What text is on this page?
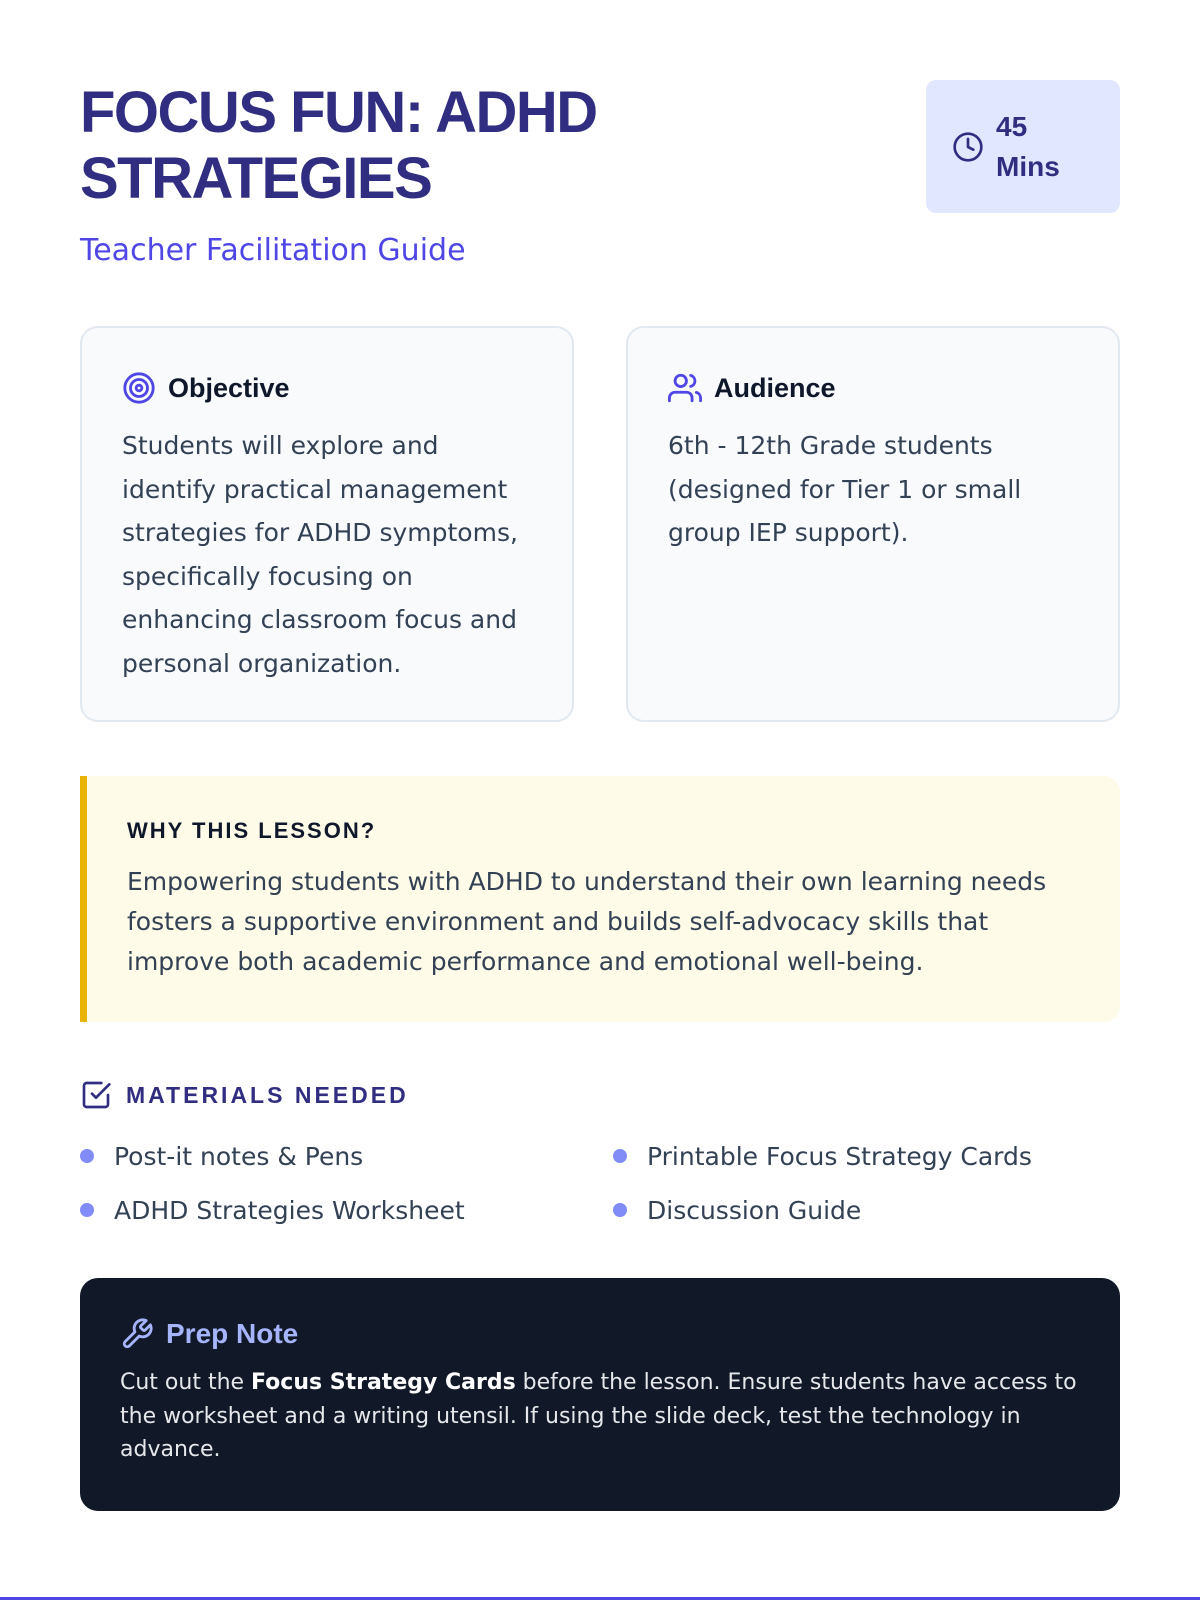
FOCUS FUN: ADHD STRATEGIES
Teacher Facilitation Guide
45 Mins
Objective

Students will explore and identify practical management strategies for ADHD symptoms, specifically focusing on enhancing classroom focus and personal organization.

Audience

6th - 12th Grade students (designed for Tier 1 or small group IEP support).

WHY THIS LESSON?

Empowering students with ADHD to understand their own learning needs fosters a supportive environment and builds self-advocacy skills that improve both academic performance and emotional well-being.

MATERIALS NEEDED
Post-it notes & Pens	Printable Focus Strategy Cards
ADHD Strategies Worksheet	Discussion Guide
Prep Note

Cut out the Focus Strategy Cards before the lesson. Ensure students have access to the worksheet and a writing utensil. If using the slide deck, test the technology in advance.
